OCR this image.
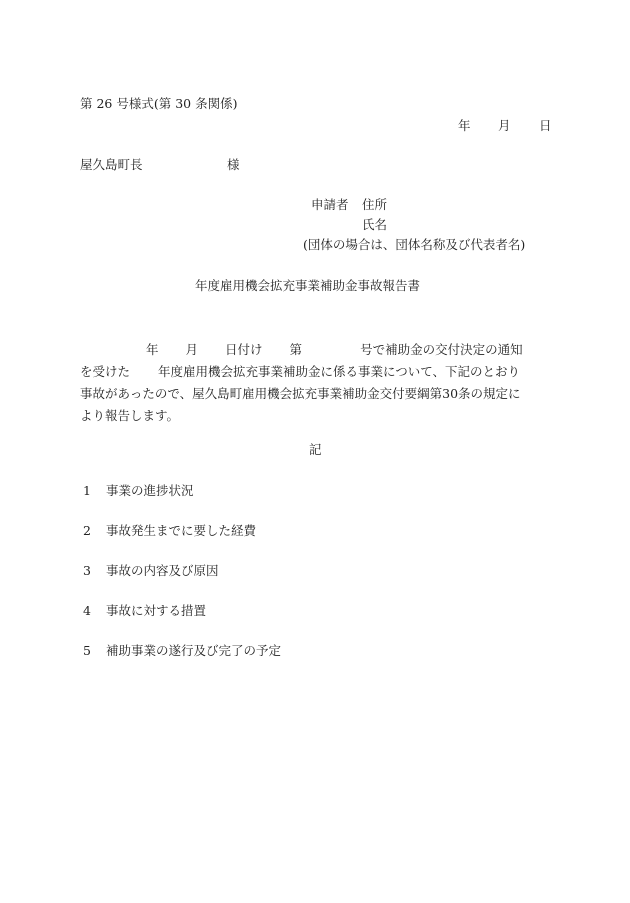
第 26 号様式(第 30 条関係)
年 月 日
屋久島町長	様
申請者 住所
氏名
(団体の場合は、団体名称及び代表者名)
年度雇用機会拡充事業補助金事故報告書
年 月 日付け 第	号で補助金の交付決定の通知
を受けた 年度雇用機会拡充事業補助金に係る事業について、下記のとおり
事故があったので、屋久島町雇用機会拡充事業補助金交付要綱第30条の規定に
より報告します。
記
1 事業の進捗状況
2 事故発生までに要した経費
3 事故の内容及び原因
4 事故に対する措置
5 補助事業の遂行及び完了の予定
